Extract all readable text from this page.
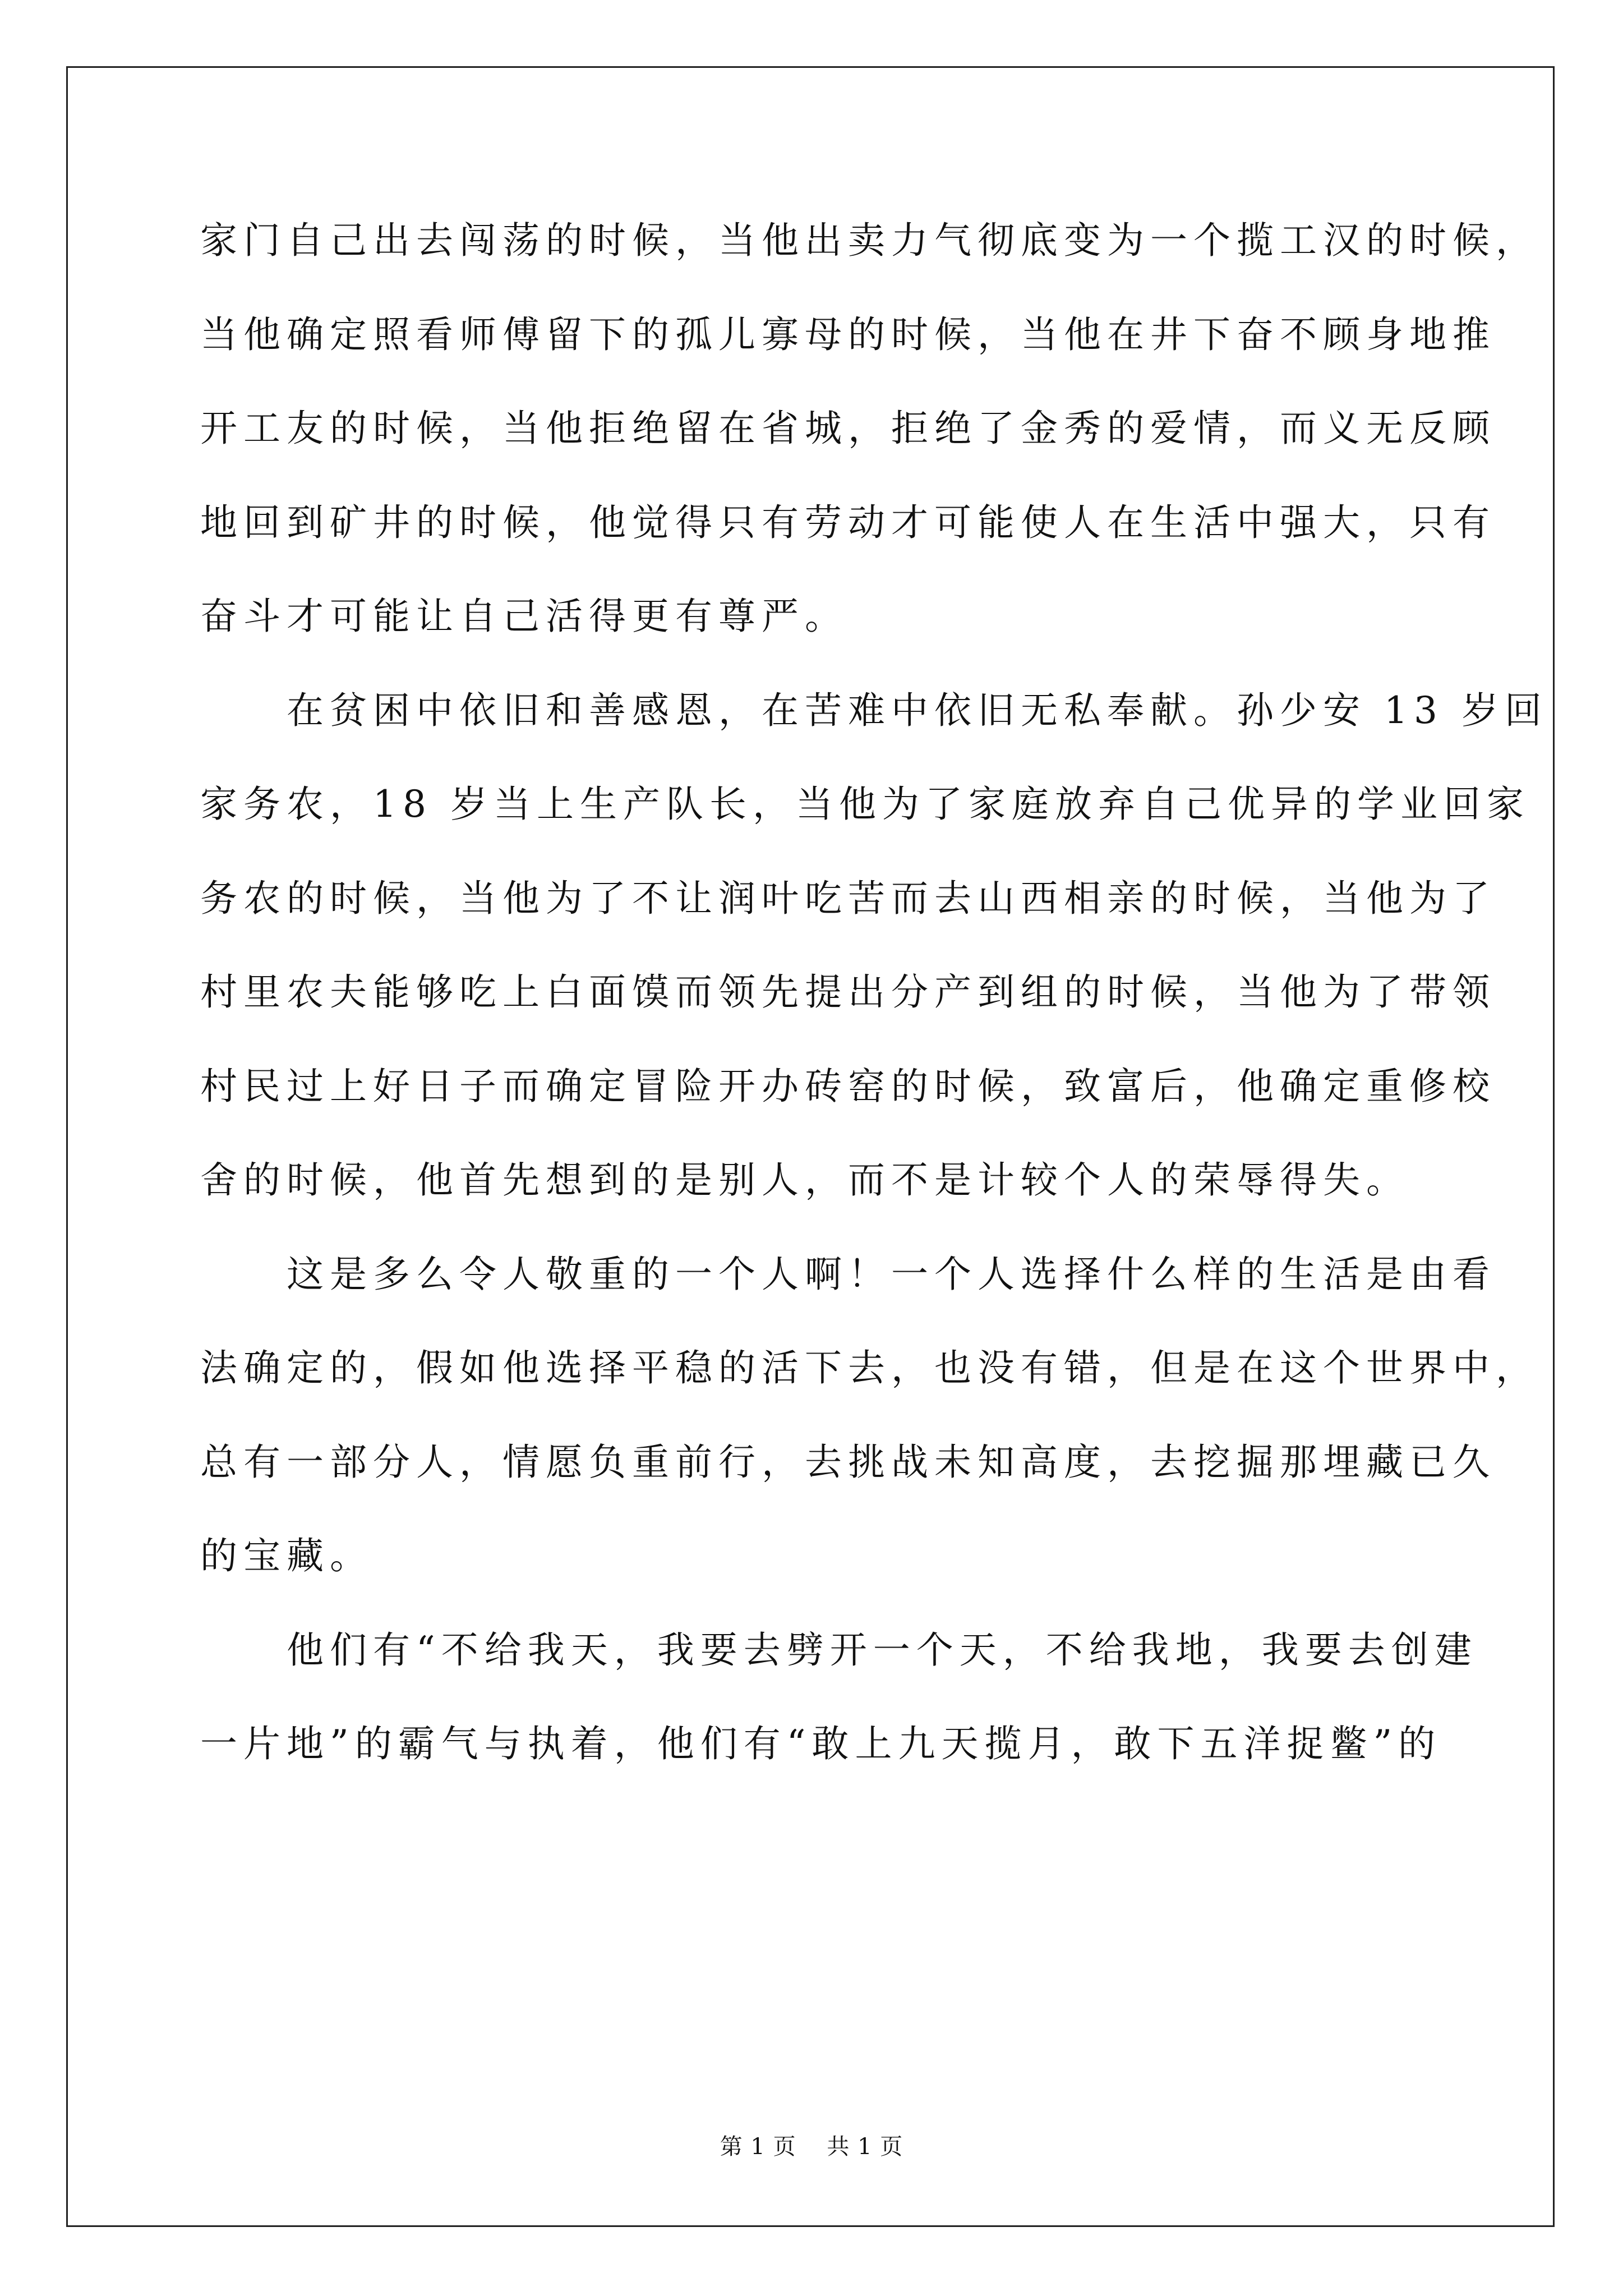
家门自己出去闯荡的时候，当他出卖力气彻底变为一个揽工汉的时候，
当他确定照看师傅留下的孤儿寡母的时候，当他在井下奋不顾身地推
开工友的时候，当他拒绝留在省城，拒绝了金秀的爱情，而义无反顾
地回到矿井的时候，他觉得只有劳动才可能使人在生活中强大，只有
奋斗才可能让自己活得更有尊严。
　　在贫困中依旧和善感恩，在苦难中依旧无私奉献。孙少安 13 岁回
家务农，18 岁当上生产队长，当他为了家庭放弃自己优异的学业回家
务农的时候，当他为了不让润叶吃苦而去山西相亲的时候，当他为了
村里农夫能够吃上白面馍而领先提出分产到组的时候，当他为了带领
村民过上好日子而确定冒险开办砖窑的时候，致富后，他确定重修校
舍的时候，他首先想到的是别人，而不是计较个人的荣辱得失。
　　这是多么令人敬重的一个人啊！一个人选择什么样的生活是由看
法确定的，假如他选择平稳的活下去，也没有错，但是在这个世界中，
总有一部分人，情愿负重前行，去挑战未知高度，去挖掘那埋藏已久
的宝藏。
　　他们有“不给我天，我要去劈开一个天，不给我地，我要去创建
一片地”的霸气与执着，他们有“敢上九天揽月，敢下五洋捉鳖”的
第 1 页    共 1 页
